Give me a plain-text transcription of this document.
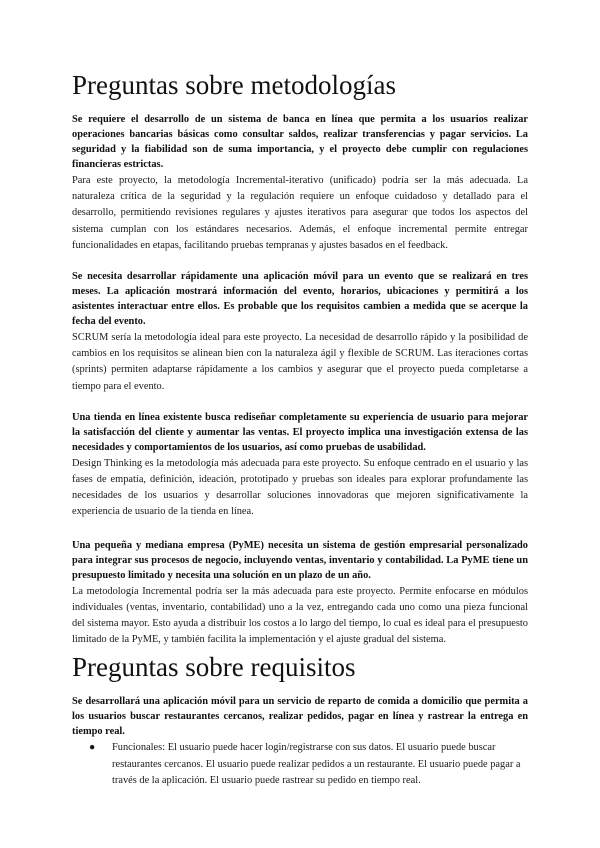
Preguntas sobre metodologías

Se requiere el desarrollo de un sistema de banca en línea que permita a los usuarios realizar operaciones bancarias básicas como consultar saldos, realizar transferencias y pagar servicios. La seguridad y la fiabilidad son de suma importancia, y el proyecto debe cumplir con regulaciones financieras estrictas.

Para este proyecto, la metodología Incremental-iterativo (unificado) podría ser la más adecuada. La naturaleza crítica de la seguridad y la regulación requiere un enfoque cuidadoso y detallado para el desarrollo, permitiendo revisiones regulares y ajustes iterativos para asegurar que todos los aspectos del sistema cumplan con los estándares necesarios. Además, el enfoque incremental permite entregar funcionalidades en etapas, facilitando pruebas tempranas y ajustes basados en el feedback.

Se necesita desarrollar rápidamente una aplicación móvil para un evento que se realizará en tres meses. La aplicación mostrará información del evento, horarios, ubicaciones y permitirá a los asistentes interactuar entre ellos. Es probable que los requisitos cambien a medida que se acerque la fecha del evento.

SCRUM sería la metodología ideal para este proyecto. La necesidad de desarrollo rápido y la posibilidad de cambios en los requisitos se alinean bien con la naturaleza ágil y flexible de SCRUM. Las iteraciones cortas (sprints) permiten adaptarse rápidamente a los cambios y asegurar que el proyecto pueda completarse a tiempo para el evento.

Una tienda en línea existente busca rediseñar completamente su experiencia de usuario para mejorar la satisfacción del cliente y aumentar las ventas. El proyecto implica una investigación extensa de las necesidades y comportamientos de los usuarios, así como pruebas de usabilidad.

Design Thinking es la metodología más adecuada para este proyecto. Su enfoque centrado en el usuario y las fases de empatía, definición, ideación, prototipado y pruebas son ideales para explorar profundamente las necesidades de los usuarios y desarrollar soluciones innovadoras que mejoren significativamente la experiencia de usuario de la tienda en línea.

Una pequeña y mediana empresa (PyME) necesita un sistema de gestión empresarial personalizado para integrar sus procesos de negocio, incluyendo ventas, inventario y contabilidad. La PyME tiene un presupuesto limitado y necesita una solución en un plazo de un año.

La metodología Incremental podría ser la más adecuada para este proyecto. Permite enfocarse en módulos individuales (ventas, inventario, contabilidad) uno a la vez, entregando cada uno como una pieza funcional del sistema mayor. Esto ayuda a distribuir los costos a lo largo del tiempo, lo cual es ideal para el presupuesto limitado de la PyME, y también facilita la implementación y el ajuste gradual del sistema.

Preguntas sobre requisitos

Se desarrollará una aplicación móvil para un servicio de reparto de comida a domicilio que permita a los usuarios buscar restaurantes cercanos, realizar pedidos, pagar en línea y rastrear la entrega en tiempo real.

● Funcionales: El usuario puede hacer login/registrarse con sus datos. El usuario puede buscar restaurantes cercanos. El usuario puede realizar pedidos a un restaurante. El usuario puede pagar a través de la aplicación. El usuario puede rastrear su pedido en tiempo real.
